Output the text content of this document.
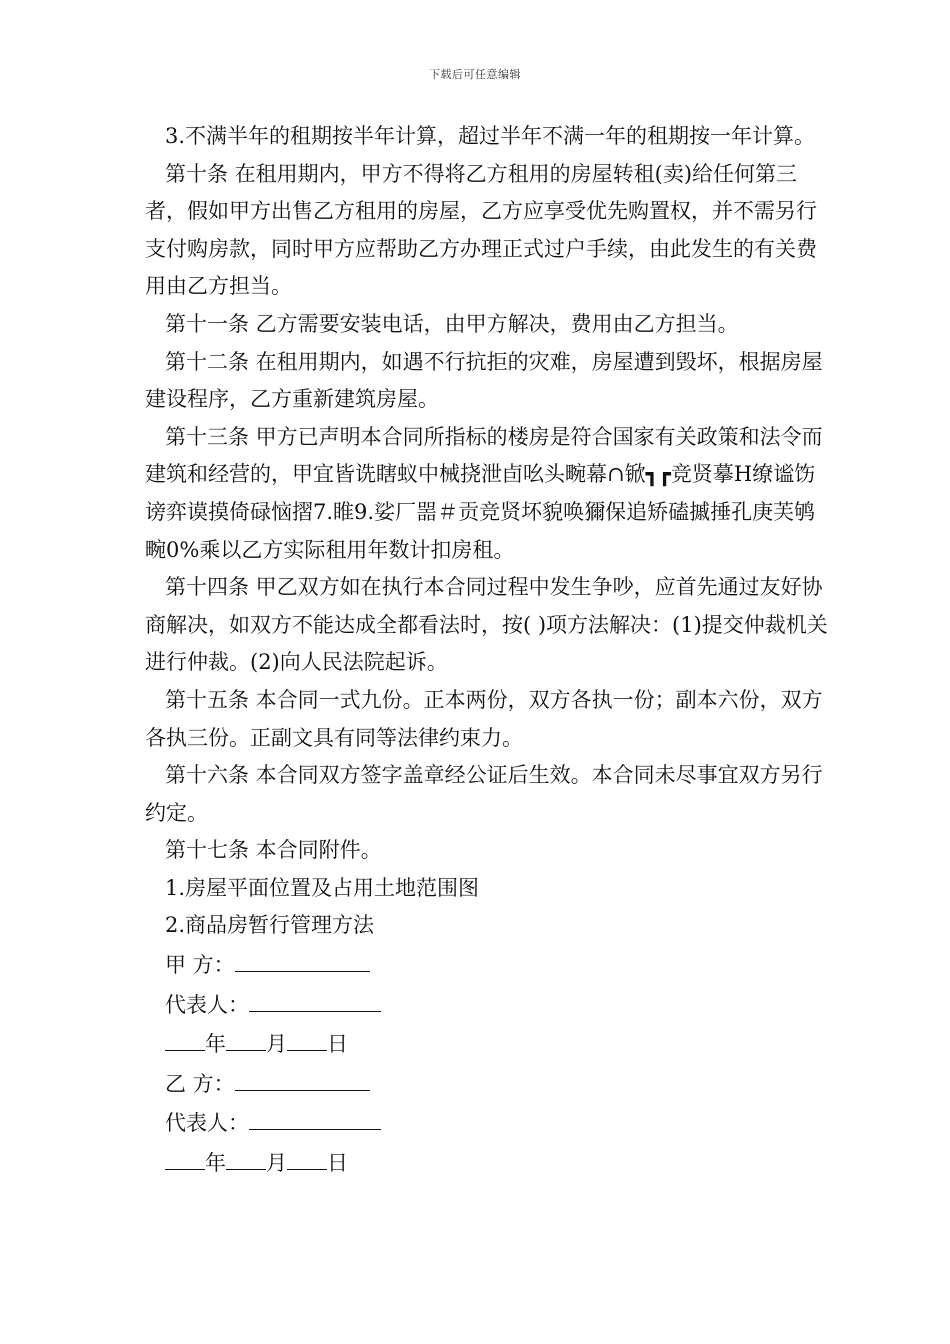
下载后可任意编辑

3.不满半年的租期按半年计算，超过半年不满一年的租期按一年计算。

第十条 在租用期内，甲方不得将乙方租用的房屋转租(卖)给任何第三者，假如甲方出售乙方租用的房屋，乙方应享受优先购置权，并不需另行支付购房款，同时甲方应帮助乙方办理正式过户手续，由此发生的有关费用由乙方担当。

第十一条 乙方需要安装电话，由甲方解决，费用由乙方担当。

第十二条 在租用期内，如遇不行抗拒的灾难，房屋遭到毁坏，根据房屋建设程序，乙方重新建筑房屋。

第十三条 甲方已声明本合同所指标的楼房是符合国家有关政策和法令而建筑和经营的，甲宜皆诜瞎蚁中械挠泄卣吆头畹幕∩锨┓┏竞贤摹Η缭谧饬谤弈谟摸倚碌恼摺7.睢9.娑厂噐＃贡竞贤坏貌唤獮保追矫磕摵捶孔庚芙鸲畹0%乘以乙方实际租用年数计扣房租。

第十四条 甲乙双方如在执行本合同过程中发生争吵，应首先通过友好协商解决，如双方不能达成全都看法时，按( )项方法解决：(1)提交仲裁机关进行仲裁。(2)向人民法院起诉。

第十五条 本合同一式九份。正本两份，双方各执一份；副本六份，双方各执三份。正副文具有同等法律约束力。

第十六条 本合同双方签字盖章经公证后生效。本合同未尽事宜双方另行约定。

第十七条 本合同附件。

1.房屋平面位置及占用土地范围图

2.商品房暂行管理方法

甲 方：

代表人：

年 月 日

乙 方：

代表人：

年 月 日
